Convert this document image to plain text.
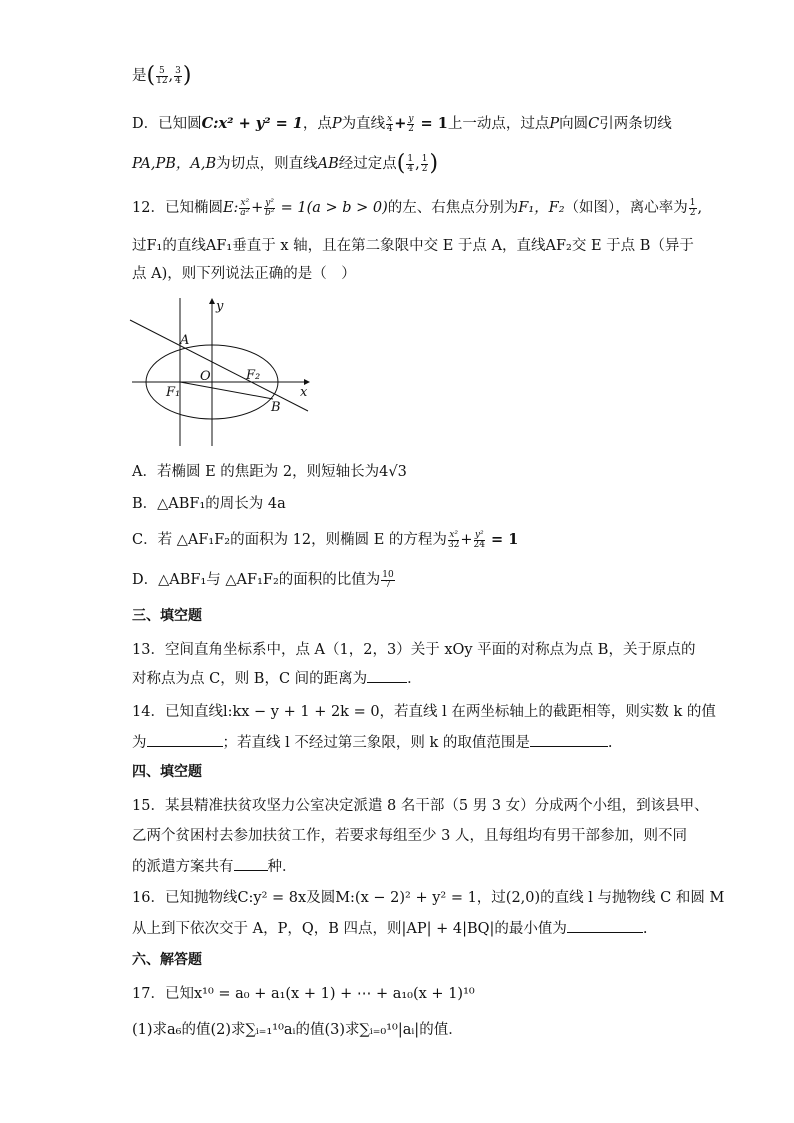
是( $\frac{5}{12}$ , $\frac{3}{4}$ )
D．已知圆C:x² + y² = 1，点P为直线 $\frac{x}{4} + \frac{y}{2} = 1$上一动点，过点P向圆C引两条切线
PA,PB，A,B为切点，则直线AB经过定点( $\frac{1}{4}$ , $\frac{1}{2}$ )
12．已知椭圆E: $\frac{\text{x²}}{\text{a²}} + \frac{\text{y²}}{\text{b²}} = 1(a > b > 0)$的左、右焦点分别为F₁，F₂（如图），离心率为 $\frac{1}{2}$ ,
过F₁的直线AF₁垂直于 x 轴，且在第二象限中交 E 于点 A，直线AF₂交 E 于点 B（异于
点 A)，则下列说法正确的是（　）
y
x
A
O	F₂
F₁
B
A．若椭圆 E 的焦距为 2，则短轴长为4√3
B．△ABF₁的周长为 4a
C．若 △AF₁F₂的面积为 12，则椭圆 E 的方程为 $\frac{\text{x²}}{32} + \frac{\text{y²}}{24} = 1$
D．△ABF₁与 △AF₁F₂的面积的比值为 $\frac{10}{7}$
三、填空题
13．空间直角坐标系中，点 A（1，2，3）关于 xOy 平面的对称点为点 B，关于原点的
对称点为点 C，则 B，C 间的距离为	．
14．已知直线l:kx − y + 1 + 2k = 0，若直线 l 在两坐标轴上的截距相等，则实数 k 的值
为	；若直线 l 不经过第三象限，则 k 的取值范围是	.
四、填空题
15．某县精准扶贫攻坚力公室决定派遣 8 名干部（5 男 3 女）分成两个小组，到该县甲、
乙两个贫困村去参加扶贫工作，若要求每组至少 3 人，且每组均有男干部参加，则不同
的派遣方案共有 种．
16．已知抛物线C:y² = 8x及圆M:(x − 2)² + y² = 1，过(2,0)的直线 l 与抛物线 C 和圆 M
从上到下依次交于 A，P，Q，B 四点，则|AP| + 4|BQ|的最小值为	.
六、解答题
17．已知x¹⁰ = a₀ + a₁(x + 1) + ⋯ + a₁₀(x + 1)¹⁰
(1)求a₆的值(2)求∑ᵢ₌₁¹⁰aᵢ的值(3)求∑ᵢ₌₀¹⁰|aᵢ|的值．
